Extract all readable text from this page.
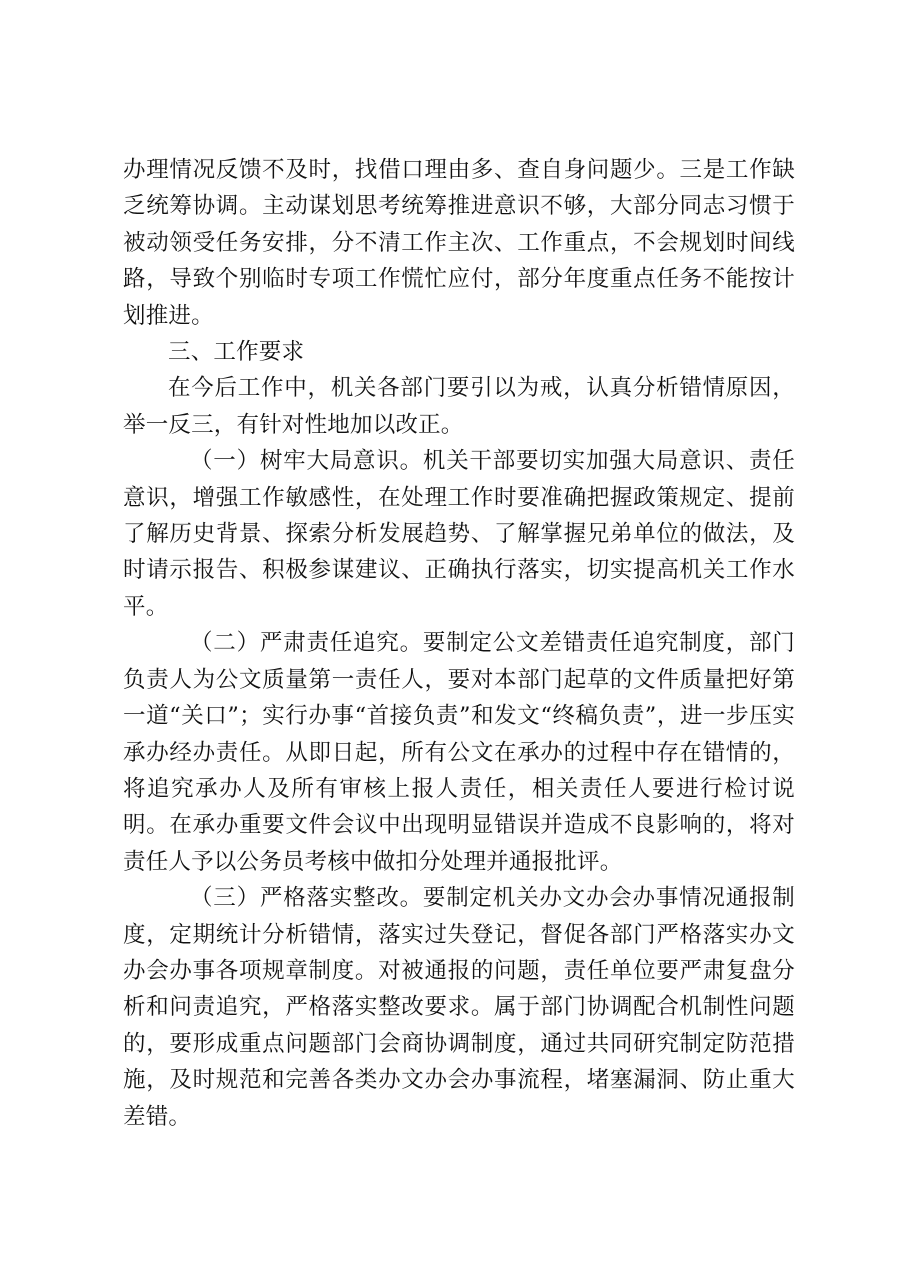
办理情况反馈不及时，找借口理由多、查自身问题少。三是工作缺乏统筹协调。主动谋划思考统筹推进意识不够，大部分同志习惯于被动领受任务安排，分不清工作主次、工作重点，不会规划时间线路，导致个别临时专项工作慌忙应付，部分年度重点任务不能按计划推进。

三、工作要求

在今后工作中，机关各部门要引以为戒，认真分析错情原因，举一反三，有针对性地加以改正。

（一）树牢大局意识。机关干部要切实加强大局意识、责任意识，增强工作敏感性，在处理工作时要准确把握政策规定、提前了解历史背景、探索分析发展趋势、了解掌握兄弟单位的做法，及时请示报告、积极参谋建议、正确执行落实，切实提高机关工作水平。

（二）严肃责任追究。要制定公文差错责任追究制度，部门负责人为公文质量第一责任人，要对本部门起草的文件质量把好第一道“关口”；实行办事“首接负责”和发文“终稿负责”，进一步压实承办经办责任。从即日起，所有公文在承办的过程中存在错情的，将追究承办人及所有审核上报人责任，相关责任人要进行检讨说明。在承办重要文件会议中出现明显错误并造成不良影响的，将对责任人予以公务员考核中做扣分处理并通报批评。

（三）严格落实整改。要制定机关办文办会办事情况通报制度，定期统计分析错情，落实过失登记，督促各部门严格落实办文办会办事各项规章制度。对被通报的问题，责任单位要严肃复盘分析和问责追究，严格落实整改要求。属于部门协调配合机制性问题的，要形成重点问题部门会商协调制度，通过共同研究制定防范措施，及时规范和完善各类办文办会办事流程，堵塞漏洞、防止重大差错。
